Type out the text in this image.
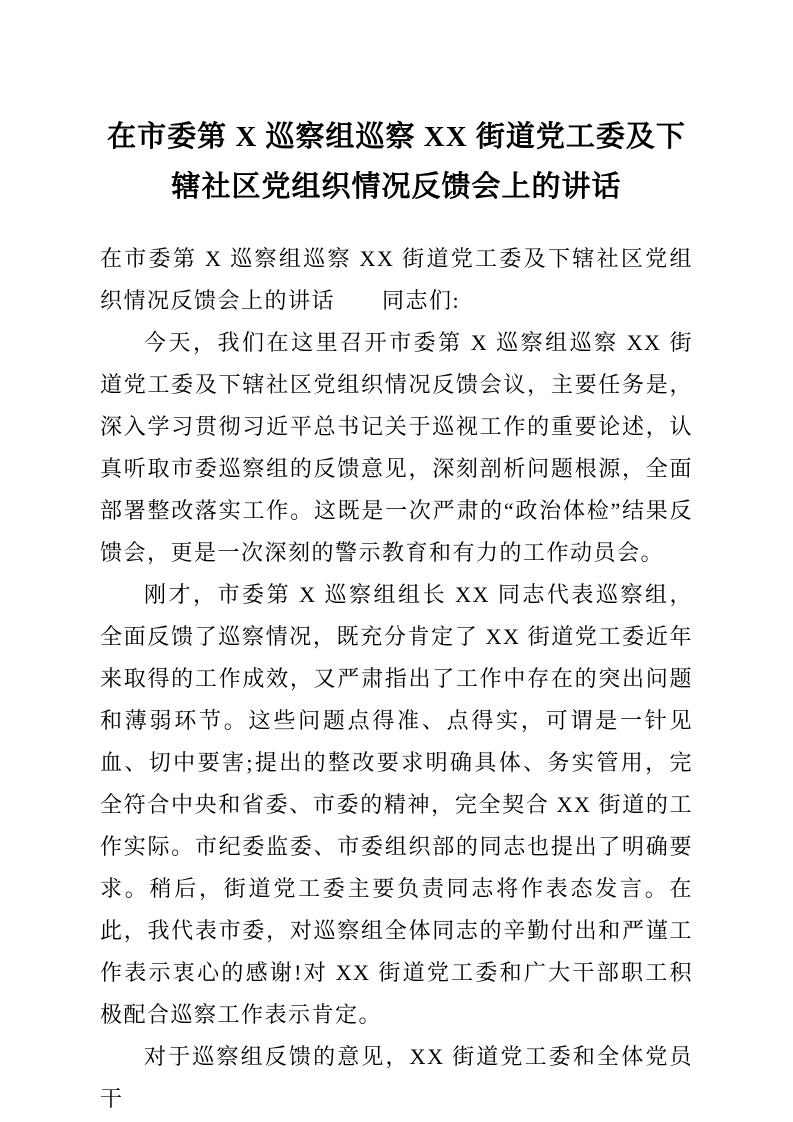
在市委第 X 巡察组巡察 XX 街道党工委及下
辖社区党组织情况反馈会上的讲话

在市委第 X 巡察组巡察 XX 街道党工委及下辖社区党组织情况反馈会上的讲话　　同志们:

今天，我们在这里召开市委第 X 巡察组巡察 XX 街道党工委及下辖社区党组织情况反馈会议，主要任务是，深入学习贯彻习近平总书记关于巡视工作的重要论述，认真听取市委巡察组的反馈意见，深刻剖析问题根源，全面部署整改落实工作。这既是一次严肃的“政治体检”结果反馈会，更是一次深刻的警示教育和有力的工作动员会。

刚才，市委第 X 巡察组组长 XX 同志代表巡察组，全面反馈了巡察情况，既充分肯定了 XX 街道党工委近年来取得的工作成效，又严肃指出了工作中存在的突出问题和薄弱环节。这些问题点得准、点得实，可谓是一针见血、切中要害;提出的整改要求明确具体、务实管用，完全符合中央和省委、市委的精神，完全契合 XX 街道的工作实际。市纪委监委、市委组织部的同志也提出了明确要求。稍后，街道党工委主要负责同志将作表态发言。在此，我代表市委，对巡察组全体同志的辛勤付出和严谨工作表示衷心的感谢!对 XX 街道党工委和广大干部职工积极配合巡察工作表示肯定。

对于巡察组反馈的意见，XX 街道党工委和全体党员干
